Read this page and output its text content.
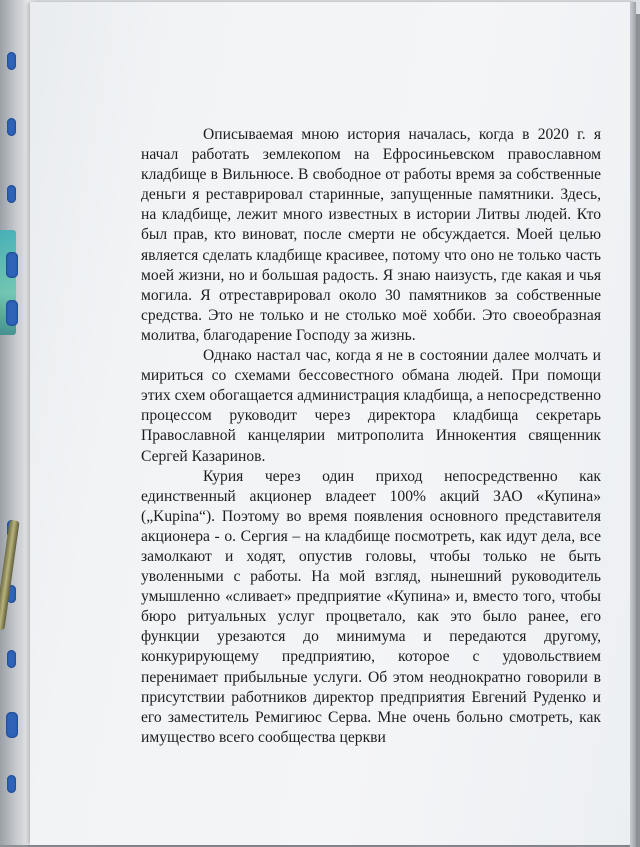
Описываемая мною история началась, когда в 2020 г. я начал работать землекопом на Ефросиньевском православном кладбище в Вильнюсе. В свободное от работы время за собственные деньги я реставрировал старинные, запущенные памятники. Здесь, на кладбище, лежит много известных в истории Литвы людей. Кто был прав, кто виноват, после смерти не обсуждается. Моей целью является сделать кладбище красивее, потому что оно не только часть моей жизни, но и большая радость. Я знаю наизусть, где какая и чья могила. Я отреставрировал около 30 памятников за собственные средства. Это не только и не столько моё хобби. Это своеобразная молитва, благодарение Господу за жизнь.

Однако настал час, когда я не в состоянии далее молчать и мириться со схемами бессовестного обмана людей. При помощи этих схем обогащается администрация кладбища, а непосредственно процессом руководит через директора кладбища секретарь Православной канцелярии митрополита Иннокентия священник Сергей Казаринов.

Курия через один приход непосредственно как единственный акционер владеет 100% акций ЗАО «Купина» („Kupina“). Поэтому во время появления основного представителя акционера - о. Сергия – на кладбище посмотреть, как идут дела, все замолкают и ходят, опустив головы, чтобы только не быть уволенными с работы. На мой взгляд, нынешний руководитель умышленно «сливает» предприятие «Купина» и, вместо того, чтобы бюро ритуальных услуг процветало, как это было ранее, его функции урезаются до минимума и передаются другому, конкурирующему предприятию, которое с удовольствием перенимает прибыльные услуги. Об этом неоднократно говорили в присутствии работников директор предприятия Евгений Руденко и его заместитель Ремигиюс Серва. Мне очень больно смотреть, как имущество всего сообщества церкви
